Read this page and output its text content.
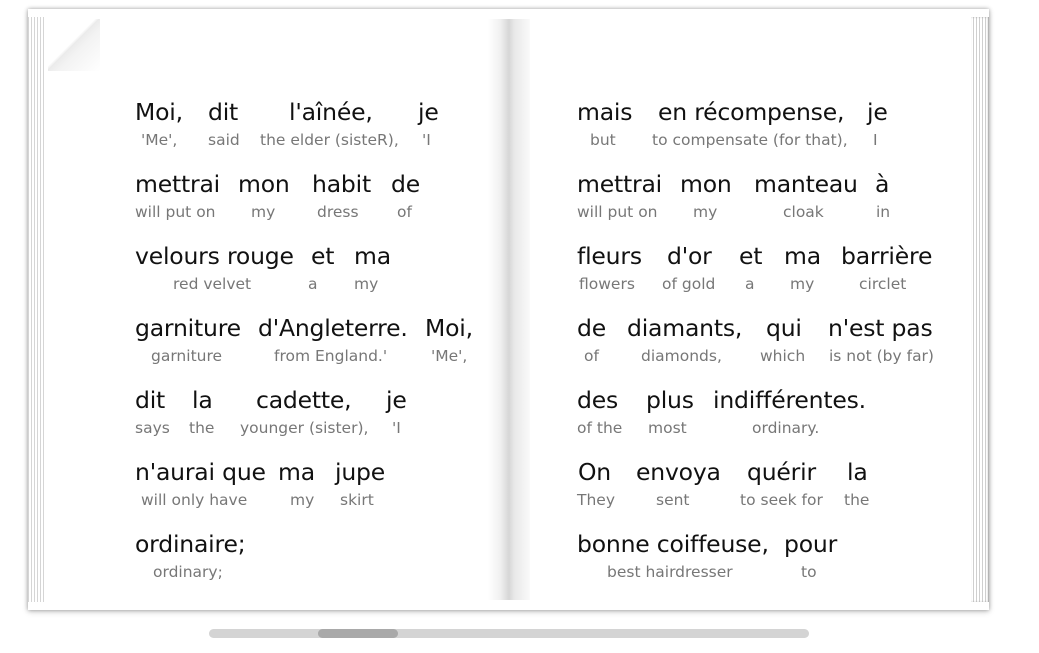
Moi,
'Me',
dit
said
l'aînée,
the elder (sisteR),
je
'I
mettrai
will put on
mon
my
habit
dress
de
of
velours rouge
red velvet
et
a
ma
my
garniture
garniture
d'Angleterre.
from England.'
Moi,
'Me',
dit
says
la
the
cadette,
younger (sister),
je
'I
n'aurai que
will only have
ma
my
jupe
skirt
ordinaire;
ordinary;
mais
but
en récompense,
to compensate (for that),
je
I
mettrai
will put on
mon
my
manteau
cloak
à
in
fleurs
flowers
d'or
of gold
et
a
ma
my
barrière
circlet
de
of
diamants,
diamonds,
qui
which
n'est pas
is not (by far)
des
of the
plus
most
indifférentes.
ordinary.
On
They
envoya
sent
quérir
to seek for
la
the
bonne coiffeuse,
best hairdresser
pour
to
